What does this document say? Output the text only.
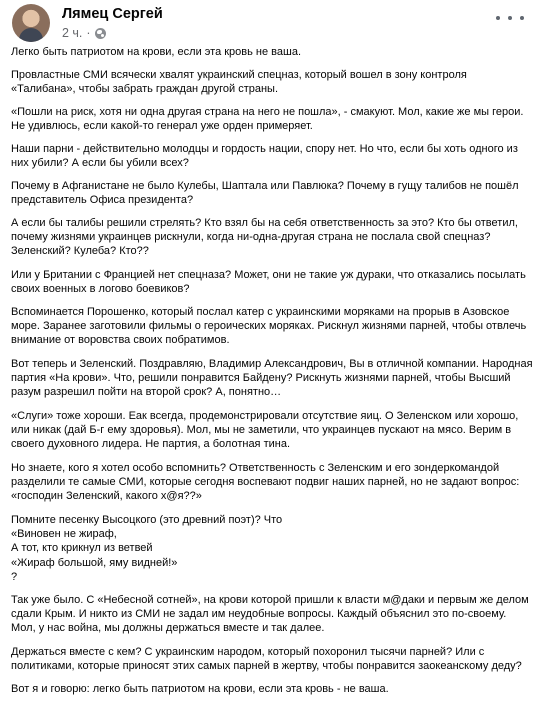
Лямец Сергей
2 ч. ·

Легко быть патриотом на крови, если эта кровь не ваша.

Провластные СМИ всячески хвалят украинский спецназ, который вошел в зону контроля «Талибана», чтобы забрать граждан другой страны.

«Пошли на риск, хотя ни одна другая страна на него не пошла», - смакуют. Мол, какие же мы герои. Не удивлюсь, если какой-то генерал уже орден примеряет.

Наши парни - действительно молодцы и гордость нации, спору нет. Но что, если бы хоть одного из них убили? А если бы убили всех?

Почему в Афганистане не было Кулебы, Шаптала или Павлюка? Почему в гущу талибов не пошёл представитель Офиса президента?

А если бы талибы решили стрелять? Кто взял бы на себя ответственность за это? Кто бы ответил, почему жизнями украинцев рискнули, когда ни-одна-другая страна не послала свой спецназ? Зеленский? Кулеба? Кто??

Или у Британии с Францией нет спецназа? Может, они не такие уж дураки, что отказались посылать своих военных в логово боевиков?

Вспоминается Порошенко, который послал катер с украинскими моряками на прорыв в Азовское море. Заранее заготовили фильмы о героических моряках. Рискнул жизнями парней, чтобы отвлечь внимание от воровства своих побратимов.

Вот теперь и Зеленский. Поздравляю, Владимир Александрович, Вы в отличной компании. Народная партия «На крови». Что, решили понравится Байдену? Рискнуть жизнями парней, чтобы Высший разум разрешил пойти на второй срок? А, понятно…

«Слуги» тоже хороши. Еак всегда, продемонстрировали отсутствие яиц. О Зеленском или хорошо, или никак (дай Б-г ему здоровья). Мол, мы не заметили, что украинцев пускают на мясо. Верим в своего духовного лидера. Не партия, а болотная тина.

Но знаете, кого я хотел особо вспомнить? Ответственность с Зеленским и его зондеркомандой разделили те самые СМИ, которые сегодня воспевают подвиг наших парней, но не задают вопрос: «господин Зеленский, какого х@я??»

Помните песенку Высоцкого (это древний поэт)? Что
«Виновен не жираф,
А тот, кто крикнул из ветвей
«Жираф большой, яму видней!»
?

Так уже было. С «Небесной сотней», на крови которой пришли к власти м@даки и первым же делом сдали Крым. И никто из СМИ не задал им неудобные вопросы. Каждый объяснил это по-своему. Мол, у нас война, мы должны держаться вместе и так далее.

Держаться вместе с кем? С украинским народом, который похоронил тысячи парней? Или с политиками, которые приносят этих самых парней в жертву, чтобы понравится заокеанскому деду?

Вот я и говорю: легко быть патриотом на крови, если эта кровь - не ваша.
